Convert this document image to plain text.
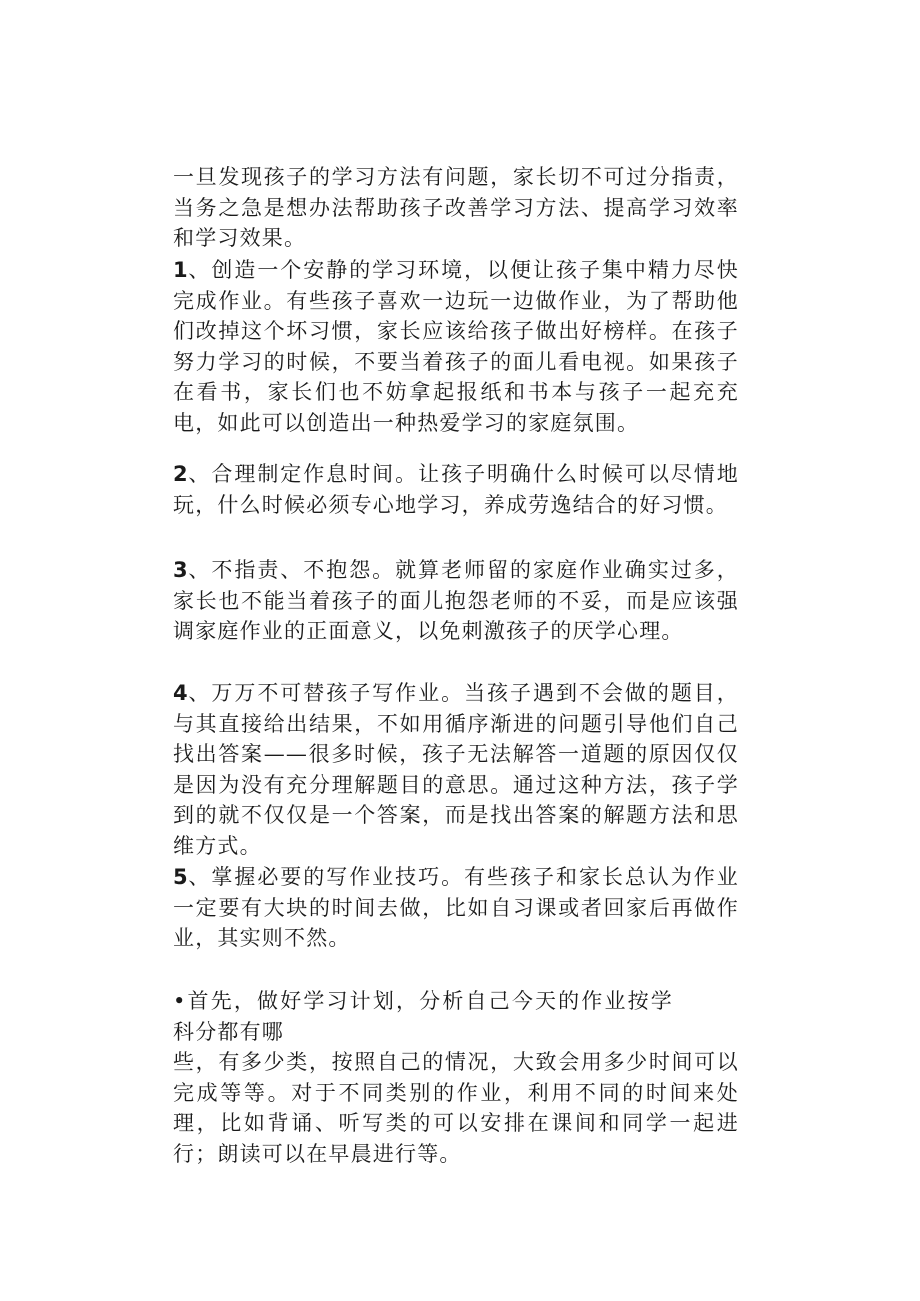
一旦发现孩子的学习方法有问题，家长切不可过分指责，当务之急是想办法帮助孩子改善学习方法、提高学习效率和学习效果。

1、创造一个安静的学习环境，以便让孩子集中精力尽快完成作业。有些孩子喜欢一边玩一边做作业，为了帮助他们改掉这个坏习惯，家长应该给孩子做出好榜样。在孩子努力学习的时候，不要当着孩子的面儿看电视。如果孩子在看书，家长们也不妨拿起报纸和书本与孩子一起充充电，如此可以创造出一种热爱学习的家庭氛围。

2、合理制定作息时间。让孩子明确什么时候可以尽情地玩，什么时候必须专心地学习，养成劳逸结合的好习惯。

3、不指责、不抱怨。就算老师留的家庭作业确实过多，家长也不能当着孩子的面儿抱怨老师的不妥，而是应该强调家庭作业的正面意义，以免刺激孩子的厌学心理。

4、万万不可替孩子写作业。当孩子遇到不会做的题目，与其直接给出结果，不如用循序渐进的问题引导他们自己找出答案——很多时候，孩子无法解答一道题的原因仅仅是因为没有充分理解题目的意思。通过这种方法，孩子学到的就不仅仅是一个答案，而是找出答案的解题方法和思维方式。

5、掌握必要的写作业技巧。有些孩子和家长总认为作业一定要有大块的时间去做，比如自习课或者回家后再做作业，其实则不然。

•首先，做好学习计划，分析自己今天的作业按学科分都有哪
些，有多少类，按照自己的情况，大致会用多少时间可以完成等等。对于不同类别的作业，利用不同的时间来处理，比如背诵、听写类的可以安排在课间和同学一起进行；朗读可以在早晨进行等。
